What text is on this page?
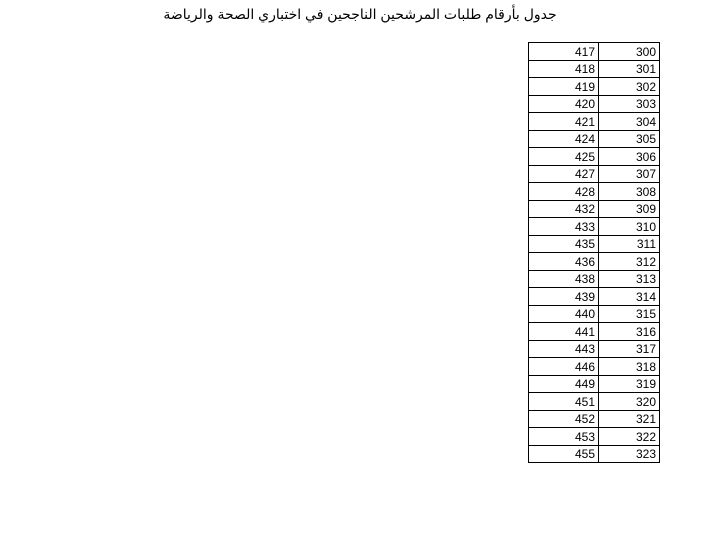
جدول بأرقام طلبات المرشحين الناجحين في اختباري الصحة والرياضة
417	300
418	301
419	302
420	303
421	304
424	305
425	306
427	307
428	308
432	309
433	310
435	311
436	312
438	313
439	314
440	315
441	316
443	317
446	318
449	319
451	320
452	321
453	322
455	323
